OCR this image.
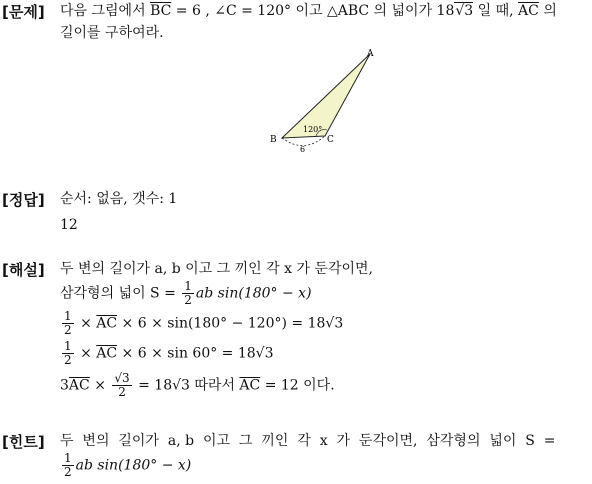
[문제] 다음 그림에서 $\overline{BC} = 6$ , ∠C = 120° 이고 △ABC 의 넓이가 18√3 일 때, $\overline{AC}$ 의
길이를 구하여라.
A
B	C
120°
6
[정답] 순서: 없음, 갯수: 1
12
[해설] 두 변의 길이가 a, b 이고 그 끼인 각 x 가 둔각이면,
삼각형의 넓이 $S = \frac{1}{2}$ ab sin(180° − x)
$\frac{1}{2} \times \overline{AC} \times 6 \times \sin(180^\circ - 120^\circ) = 18√3$
$\frac{1}{2} \times \overline{AC} \times 6 \times \sin 60^\circ = 18√3$
$3\overline{AC} \times \frac{√3}{2} = 18√3$ 따라서 $\overline{AC} = 12$ 이다.
[힌트] 두  변의  길이가  a, b  이고  그  끼인  각  x  가  둔각이면,  삼각형의  넓이  S  =
$\frac{1}{2}$ ab sin(180° − x)
